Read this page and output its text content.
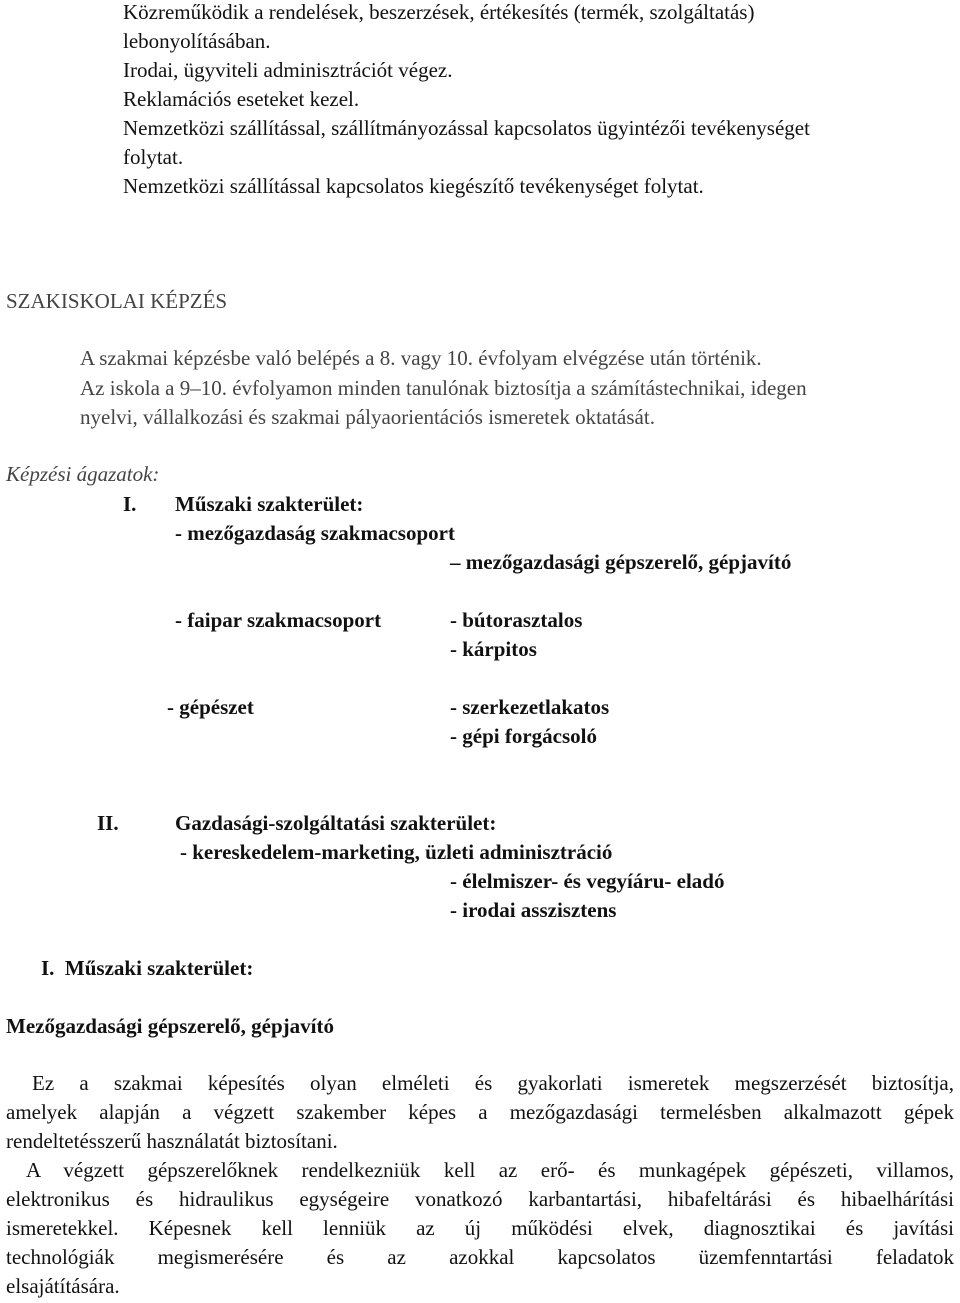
Közreműködik a rendelések, beszerzések, értékesítés (termék, szolgáltatás)

lebonyolításában.

Irodai, ügyviteli adminisztrációt végez.

Reklamációs eseteket kezel.

Nemzetközi szállítással, szállítmányozással kapcsolatos ügyintézői tevékenységet

folytat.

Nemzetközi szállítással kapcsolatos kiegészítő tevékenységet folytat.

SZAKISKOLAI KÉPZÉS

A szakmai képzésbe való belépés a 8. vagy 10. évfolyam elvégzése után történik.

Az iskola a 9–10. évfolyamon minden tanulónak biztosítja a számítástechnikai, idegen

nyelvi, vállalkozási és szakmai pályaorientációs ismeretek oktatását.

Képzési ágazatok:

I. Műszaki szakterület:

- mezőgazdaság szakmacsoport

– mezőgazdasági gépszerelő, gépjavító

- faipar szakmacsoport	- bútorasztalos

- kárpitos

- gépészet	- szerkezetlakatos

- gépi forgácsoló

II.	Gazdasági-szolgáltatási szakterület:

- kereskedelem-marketing, üzleti adminisztráció

- élelmiszer- és vegyíáru- eladó

- irodai asszisztens

I.  Műszaki szakterület:

Mezőgazdasági gépszerelő, gépjavító

Ez a szakmai képesítés olyan elméleti és gyakorlati ismeretek megszerzését biztosítja,

amelyek alapján a végzett szakember képes a mezőgazdasági termelésben alkalmazott gépek

rendeltetésszerű használatát biztosítani.

A végzett gépszerelőknek rendelkezniük kell az erő- és munkagépek gépészeti, villamos,

elektronikus és hidraulikus egységeire vonatkozó karbantartási, hibafeltárási és hibaelhárítási

ismeretekkel. Képesnek kell lenniük az új működési elvek, diagnosztikai és javítási

technológiák megismerésére és az azokkal kapcsolatos üzemfenntartási feladatok

elsajátítására.
